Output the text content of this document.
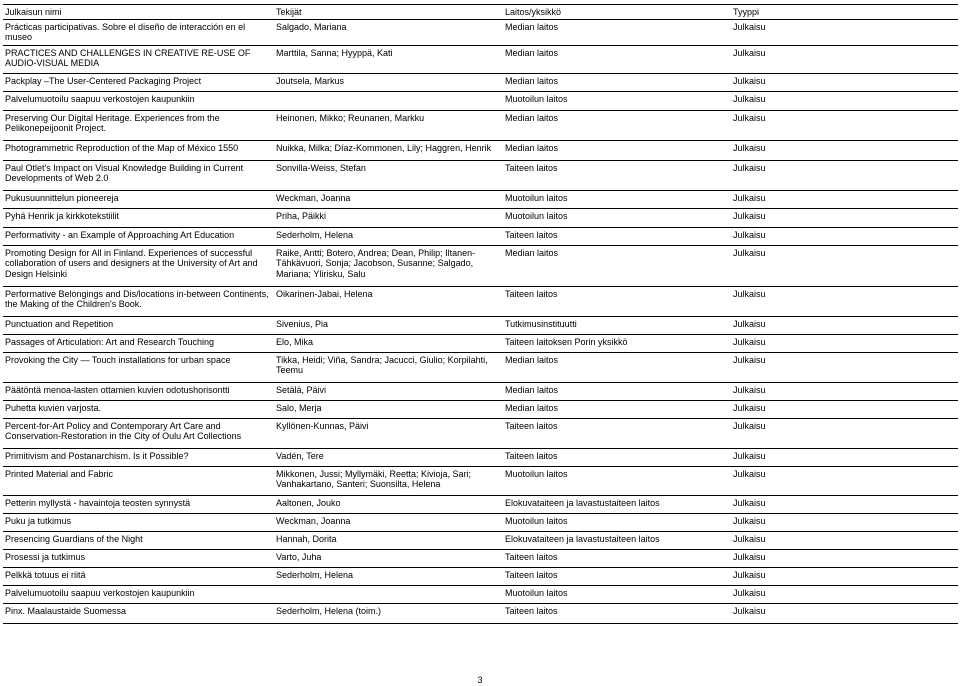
Julkaisun nimi	Tekijät	Laitos/yksikkö	Tyyppi
Prácticas participativas. Sobre el diseño de interacción en el museo	Salgado, Mariana	Median laitos	Julkaisu
PRACTICES AND CHALLENGES IN CREATIVE RE-USE OF AUDIO-VISUAL MEDIA	Marttila, Sanna; Hyyppä, Kati	Median laitos	Julkaisu
Packplay –The User-Centered Packaging Project	Joutsela, Markus	Median laitos	Julkaisu
Palvelumuotoilu saapuu verkostojen kaupunkiin		Muotoilun laitos	Julkaisu
Preserving Our Digital Heritage. Experiences from the Pelikonepeijoonit Project.	Heinonen, Mikko; Reunanen, Markku	Median laitos	Julkaisu
Photogrammetric Reproduction of the Map of México 1550	Nuikka, Milka; Díaz-Kommonen, Lily; Haggren, Henrik	Median laitos	Julkaisu
Paul Otlet's Impact on Visual Knowledge Building in Current Developments of Web 2.0	Sonvilla-Weiss, Stefan	Taiteen laitos	Julkaisu
Pukusuunnittelun pioneereja	Weckman, Joanna	Muotoilun laitos	Julkaisu
Pyhä Henrik ja kirkkotekstiilit	Priha, Päikki	Muotoilun laitos	Julkaisu
Performativity - an Example of Approaching Art Education	Sederholm, Helena	Taiteen laitos	Julkaisu
Promoting Design for All in Finland. Experiences of successful collaboration of users and designers at the University of Art and Design Helsinki	Raike, Antti; Botero, Andrea; Dean, Philip; Iltanen-Tähkävuori, Sonja; Jacobson, Susanne; Salgado, Mariana; Ylirisku, Salu	Median laitos	Julkaisu
Performative Belongings and Dis/locations in-between Continents, the Making of the Children's Book.	Oikarinen-Jabai, Helena	Taiteen laitos	Julkaisu
Punctuation and Repetition	Sivenius, Pia	Tutkimusinstituutti	Julkaisu
Passages of Articulation: Art and Research Touching	Elo, Mika	Taiteen laitoksen Porin yksikkö	Julkaisu
Provoking the City — Touch installations for urban space	Tikka, Heidi; Viña, Sandra; Jacucci, Giulio; Korpilahti, Teemu	Median laitos	Julkaisu
Päätöntä menoa-lasten ottamien kuvien odotushorisontti	Setälä, Päivi	Median laitos	Julkaisu
Puhetta kuvien varjosta.	Salo, Merja	Median laitos	Julkaisu
Percent-for-Art Policy and Contemporary Art Care and Conservation-Restoration in the City of Oulu Art Collections	Kyllönen-Kunnas, Päivi	Taiteen laitos	Julkaisu
Primitivism and Postanarchism. Is it Possible?	Vadén, Tere	Taiteen laitos	Julkaisu
Printed Material and Fabric	Mikkonen, Jussi; Myllymäki, Reetta; Kivioja, Sari; Vanhakartano, Santeri; Suonsilta, Helena	Muotoilun laitos	Julkaisu
Petterin myllystä - havaintoja teosten synnystä	Aaltonen, Jouko	Elokuvataiteen ja lavastustaiteen laitos	Julkaisu
Puku ja tutkimus	Weckman, Joanna	Muotoilun laitos	Julkaisu
Presencing Guardians of the Night	Hannah, Dorita	Elokuvataiteen ja lavastustaiteen laitos	Julkaisu
Prosessi ja tutkimus	Varto, Juha	Taiteen laitos	Julkaisu
Pelkkä totuus ei riitä	Sederholm, Helena	Taiteen laitos	Julkaisu
Palvelumuotoilu saapuu verkostojen kaupunkiin		Muotoilun laitos	Julkaisu
Pinx. Maalaustaide Suomessa	Sederholm, Helena (toim.)	Taiteen laitos	Julkaisu
3
